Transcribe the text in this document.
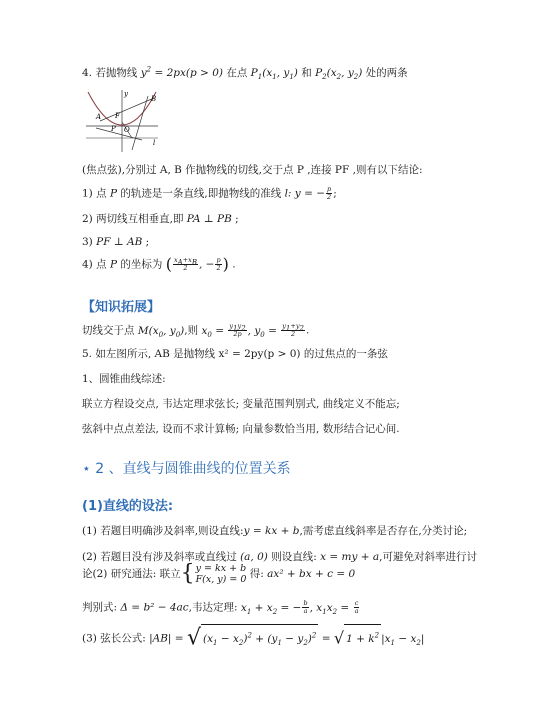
4. 若抛物线 $y^2 = 2px(p > 0)$ 在点 $P_1(x_1$, $y_1$) 和 $P_2(x_2$, $y_2$) 处的两条
y
B
A F
P O
l
(焦点弦),分别过 A, B 作抛物线的切线,交于点 P ,连接 PF ,则有以下结论:
1) 点 P 的轨迹是一条直线,即抛物线的准线 l: y = − $\frac{p}{2}$ ;
2) 两切线互相垂直,即 PA ⊥ PB ;
3) PF ⊥ AB ;
4) 点 P 的坐标为 ( $\frac{x_A+x_B}{2}$ , − $\frac{p}{2}$ ) .
【知识拓展】
切线交于点 $M(x_0$, $y_0$),则 $x_0 = \frac{y_1y_2}{2p}$ , $y_0 = \frac{y_1+y_2}{2}$ .
5. 如左图所示, AB 是抛物线 x² = 2py(p > 0) 的过焦点的一条弦
1、圆锥曲线综述:
联立方程设交点, 韦达定理求弦长; 变量范围判别式, 曲线定义不能忘;
弦斜中点点差法, 设而不求计算畅; 向量参数恰当用, 数形结合记心间.
⋆ 2 、直线与圆锥曲线的位置关系
(1)直线的设法:
(1) 若题目明确涉及斜率,则设直线:y = kx + b,需考虑直线斜率是否存在,分类讨论;
(2) 若题目没有涉及斜率或直线过 (a, 0) 则设直线: x = my + a,可避免对斜率进行讨
论(2) 研究通法: 联立{ y = kx + b
F(x, y) = 0 得: ax² + bx + c = 0
判别式: Δ = b² − 4ac,韦达定理: $x_1 + x_2$ = − $\frac{b}{a}$ , $x_1x_2 = \frac{c}{a}$
(3) 弦长公式: |AB| = √ $(x_1 - x_2)^2 + (y_1 - y_2)^2$ = √ $1 + k^2$ $|x_1 - x_2|$
